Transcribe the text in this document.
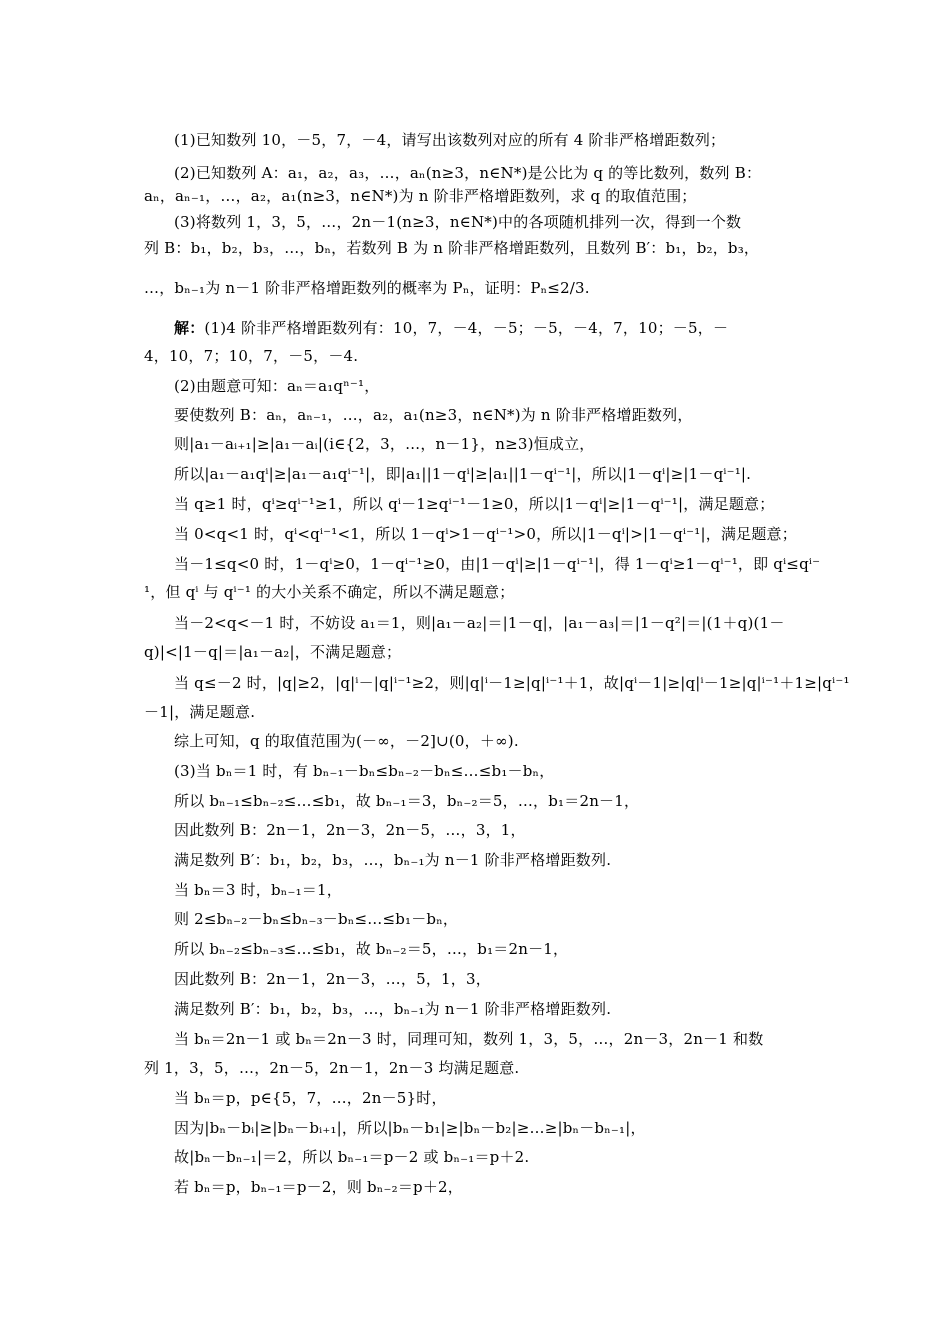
(1)已知数列 10，－5，7，－4，请写出该数列对应的所有 4 阶非严格增距数列；
(2)已知数列 A：a₁，a₂，a₃，…，aₙ(n≥3，n∈N*)是公比为 q 的等比数列，数列 B：
aₙ，aₙ₋₁，…，a₂，a₁(n≥3，n∈N*)为 n 阶非严格增距数列，求 q 的取值范围；
(3)将数列 1，3，5，…，2n－1(n≥3，n∈N*)中的各项随机排列一次，得到一个数
列 B：b₁，b₂，b₃，…，bₙ，若数列 B 为 n 阶非严格增距数列，且数列 B′：b₁，b₂，b₃，
…，bₙ₋₁为 n－1 阶非严格增距数列的概率为 Pₙ，证明：Pₙ≤2/3.
解：(1)4 阶非严格增距数列有：10，7，－4，－5；－5，－4，7，10；－5，－
4，10，7；10，7，－5，－4.
(2)由题意可知：aₙ＝a₁qⁿ⁻¹，
要使数列 B：aₙ，aₙ₋₁，…，a₂，a₁(n≥3，n∈N*)为 n 阶非严格增距数列，
则|a₁－aᵢ₊₁|≥|a₁－aᵢ|(i∈{2，3，…，n－1}，n≥3)恒成立，
所以|a₁－a₁qⁱ|≥|a₁－a₁qⁱ⁻¹|，即|a₁||1－qⁱ|≥|a₁||1－qⁱ⁻¹|，所以|1－qⁱ|≥|1－qⁱ⁻¹|.
当 q≥1 时，qⁱ≥qⁱ⁻¹≥1，所以 qⁱ－1≥qⁱ⁻¹－1≥0，所以|1－qⁱ|≥|1－qⁱ⁻¹|，满足题意；
当 0<q<1 时，qⁱ<qⁱ⁻¹<1，所以 1－qⁱ>1－qⁱ⁻¹>0，所以|1－qⁱ|>|1－qⁱ⁻¹|，满足题意；
当－1≤q<0 时，1－qⁱ≥0，1－qⁱ⁻¹≥0，由|1－qⁱ|≥|1－qⁱ⁻¹|，得 1－qⁱ≥1－qⁱ⁻¹，即 qⁱ≤qⁱ⁻
¹，但 qⁱ 与 qⁱ⁻¹ 的大小关系不确定，所以不满足题意；
当－2<q<－1 时，不妨设 a₁＝1，则|a₁－a₂|＝|1－q|，|a₁－a₃|＝|1－q²|＝|(1＋q)(1－
q)|<|1－q|＝|a₁－a₂|，不满足题意；
当 q≤－2 时，|q|≥2，|q|ⁱ－|q|ⁱ⁻¹≥2，则|q|ⁱ－1≥|q|ⁱ⁻¹＋1，故|qⁱ－1|≥|q|ⁱ－1≥|q|ⁱ⁻¹＋1≥|qⁱ⁻¹
－1|，满足题意.
综上可知，q 的取值范围为(－∞，－2]∪(0，＋∞).
(3)当 bₙ＝1 时，有 bₙ₋₁－bₙ≤bₙ₋₂－bₙ≤…≤b₁－bₙ，
所以 bₙ₋₁≤bₙ₋₂≤…≤b₁，故 bₙ₋₁＝3，bₙ₋₂＝5，…，b₁＝2n－1，
因此数列 B：2n－1，2n－3，2n－5，…，3，1，
满足数列 B′：b₁，b₂，b₃，…，bₙ₋₁为 n－1 阶非严格增距数列.
当 bₙ＝3 时，bₙ₋₁＝1，
则 2≤bₙ₋₂－bₙ≤bₙ₋₃－bₙ≤…≤b₁－bₙ，
所以 bₙ₋₂≤bₙ₋₃≤…≤b₁，故 bₙ₋₂＝5，…，b₁＝2n－1，
因此数列 B：2n－1，2n－3，…，5，1，3，
满足数列 B′：b₁，b₂，b₃，…，bₙ₋₁为 n－1 阶非严格增距数列.
当 bₙ＝2n－1 或 bₙ＝2n－3 时，同理可知，数列 1，3，5，…，2n－3，2n－1 和数
列 1，3，5，…，2n－5，2n－1，2n－3 均满足题意.
当 bₙ＝p，p∈{5，7，…，2n－5}时，
因为|bₙ－bᵢ|≥|bₙ－bᵢ₊₁|，所以|bₙ－b₁|≥|bₙ－b₂|≥…≥|bₙ－bₙ₋₁|，
故|bₙ－bₙ₋₁|＝2，所以 bₙ₋₁＝p－2 或 bₙ₋₁＝p＋2.
若 bₙ＝p，bₙ₋₁＝p－2，则 bₙ₋₂＝p＋2，
